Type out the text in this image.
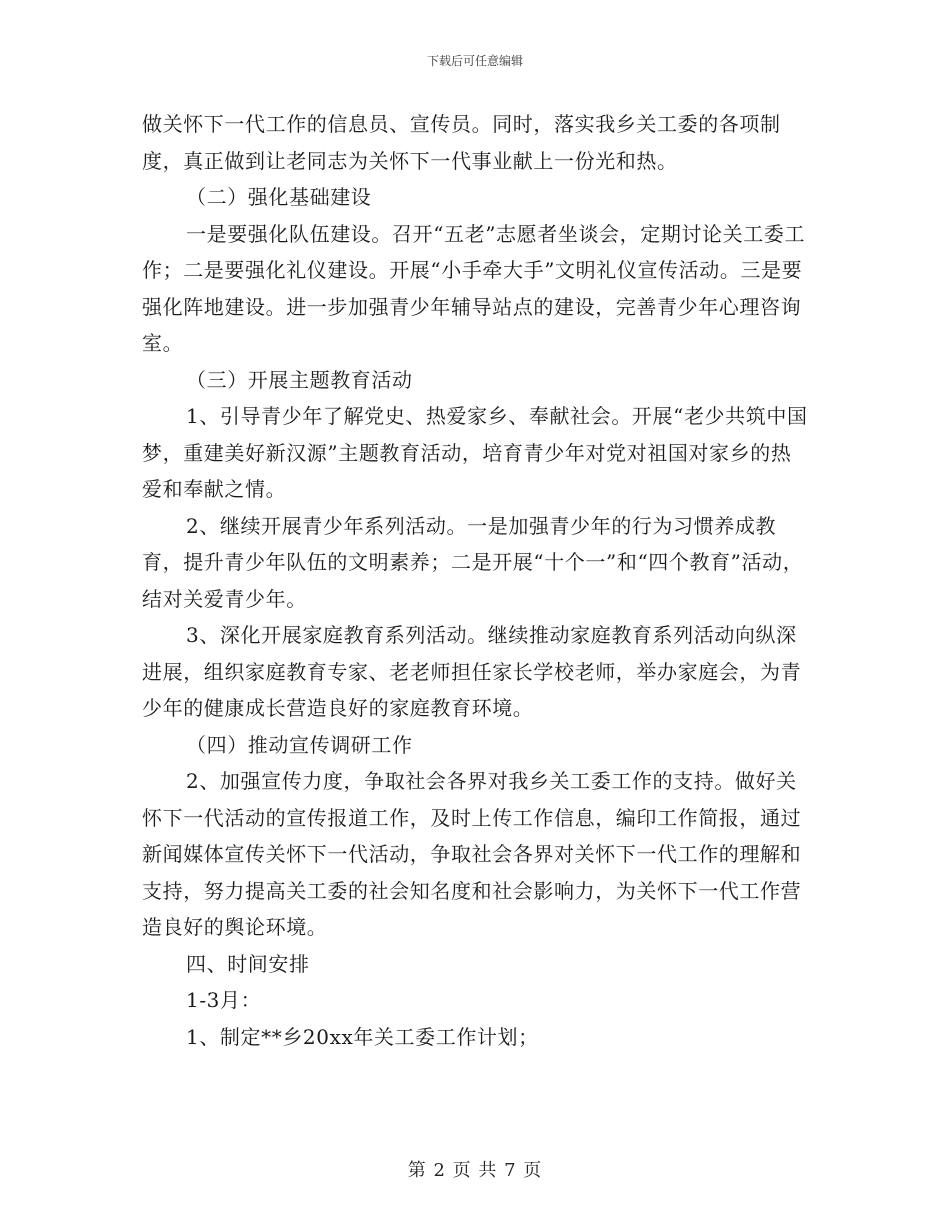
下载后可任意编辑

做关怀下一代工作的信息员、宣传员。同时，落实我乡关工委的各项制度，真正做到让老同志为关怀下一代事业献上一份光和热。

（二）强化基础建设

一是要强化队伍建设。召开“五老”志愿者坐谈会，定期讨论关工委工作；二是要强化礼仪建设。开展“小手牵大手”文明礼仪宣传活动。三是要强化阵地建设。进一步加强青少年辅导站点的建设，完善青少年心理咨询室。

（三）开展主题教育活动

1、引导青少年了解党史、热爱家乡、奉献社会。开展“老少共筑中国梦，重建美好新汉源”主题教育活动，培育青少年对党对祖国对家乡的热爱和奉献之情。

2、继续开展青少年系列活动。一是加强青少年的行为习惯养成教育，提升青少年队伍的文明素养；二是开展“十个一”和“四个教育”活动，结对关爱青少年。

3、深化开展家庭教育系列活动。继续推动家庭教育系列活动向纵深进展，组织家庭教育专家、老老师担任家长学校老师，举办家庭会，为青少年的健康成长营造良好的家庭教育环境。

（四）推动宣传调研工作

2、加强宣传力度，争取社会各界对我乡关工委工作的支持。做好关怀下一代活动的宣传报道工作，及时上传工作信息，编印工作简报，通过新闻媒体宣传关怀下一代活动，争取社会各界对关怀下一代工作的理解和支持，努力提高关工委的社会知名度和社会影响力，为关怀下一代工作营造良好的舆论环境。

四、时间安排

1-3月：

1、制定**乡20xx年关工委工作计划；

第 2 页 共 7 页
